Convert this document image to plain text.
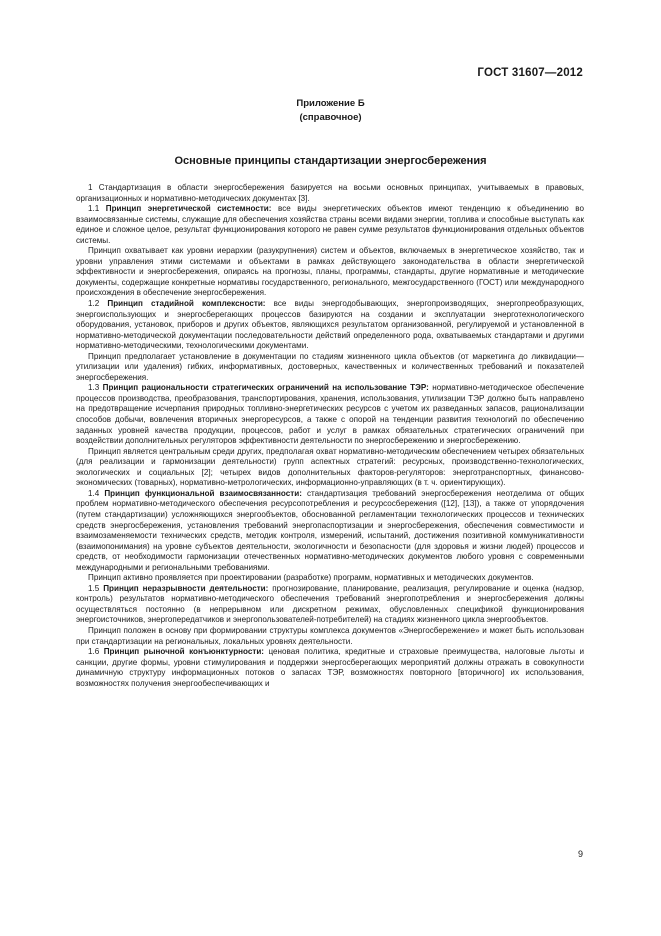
ГОСТ 31607—2012
Приложение Б
(справочное)
Основные принципы стандартизации энергосбережения

1 Стандартизация в области энергосбережения базируется на восьми основных принципах, учитываемых в правовых, организационных и нормативно-методических документах [3].

1.1 Принцип энергетической системности: все виды энергетических объектов имеют тенденцию к объединению во взаимосвязанные системы, служащие для обеспечения хозяйства страны всеми видами энергии, топлива и способные выступать как единое и сложное целое, результат функционирования которого не равен сумме результатов функционирования отдельных объектов системы.

Принцип охватывает как уровни иерархии (разукрупнения) систем и объектов, включаемых в энергетическое хозяйство, так и уровни управления этими системами и объектами в рамках действующего законодательства в области энергетической эффективности и энергосбережения, опираясь на прогнозы, планы, программы, стандарты, другие нормативные и методические документы, содержащие конкретные нормативы государственного, регионального, межгосударственного (ГОСТ) или международного происхождения в обеспечение энергосбережения.

1.2 Принцип стадийной комплексности: все виды энергодобывающих, энергопроизводящих, энергопреобразующих, энергоиспользующих и энергосберегающих процессов базируются на создании и эксплуатации энерготехнологического оборудования, установок, приборов и других объектов, являющихся результатом организованной, регулируемой и установленной в нормативно-методической документации последовательности действий определенного рода, охватываемых стандартами и другими нормативно-методическими, технологическими документами.

Принцип предполагает установление в документации по стадиям жизненного цикла объектов (от маркетинга до ликвидации—утилизации или удаления) гибких, информативных, достоверных, качественных и количественных требований и показателей энергосбережения.

1.3 Принцип рациональности стратегических ограничений на использование ТЭР: нормативно-методическое обеспечение процессов производства, преобразования, транспортирования, хранения, использования, утилизации ТЭР должно быть направлено на предотвращение исчерпания природных топливно-энергетических ресурсов с учетом их разведанных запасов, рационализации способов добычи, вовлечения вторичных энергоресурсов, а также с опорой на тенденции развития технологий по обеспечению заданных уровней качества продукции, процессов, работ и услуг в рамках обязательных стратегических ограничений при воздействии дополнительных регуляторов эффективности деятельности по энергосбережению и энергосбережению.

Принцип является центральным среди других, предполагая охват нормативно-методическим обеспечением четырех обязательных (для реализации и гармонизации деятельности) групп аспектных стратегий: ресурсных, производственно-технологических, экологических и социальных [2]; четырех видов дополнительных факторов-регуляторов: энерготранспортных, финансово-экономических (товарных), нормативно-метрологических, информационно-управляющих (в т. ч. ориентирующих).

1.4 Принцип функциональной взаимосвязанности: стандартизация требований энергосбережения неотделима от общих проблем нормативно-методического обеспечения ресурсопотребления и ресурсосбережения ([12], [13]), а также от упорядочения (путем стандартизации) усложняющихся энергообъектов, обоснованной регламентации технологических процессов и технических средств энергосбережения, установления требований энергопаспортизации и энергосбережения, обеспечения совместимости и взаимозаменяемости технических средств, методик контроля, измерений, испытаний, достижения позитивной коммуникативности (взаимопонимания) на уровне субъектов деятельности, экологичности и безопасности (для здоровья и жизни людей) процессов и средств, от необходимости гармонизации отечественных нормативно-методических документов любого уровня с современными международными и региональными требованиями.

Принцип активно проявляется при проектировании (разработке) программ, нормативных и методических документов.

1.5 Принцип неразрывности деятельности: прогнозирование, планирование, реализация, регулирование и оценка (надзор, контроль) результатов нормативно-методического обеспечения требований энергопотребления и энергосбережения должны осуществляться постоянно (в непрерывном или дискретном режимах, обусловленных спецификой функционирования энергоисточников, энергопередатчиков и энергопользователей-потребителей) на стадиях жизненного цикла энергообъектов.

Принцип положен в основу при формировании структуры комплекса документов «Энергосбережение» и может быть использован при стандартизации на региональных, локальных уровнях деятельности.

1.6 Принцип рыночной конъюнктурности: ценовая политика, кредитные и страховые преимущества, налоговые льготы и санкции, другие формы, уровни стимулирования и поддержки энергосберегающих мероприятий должны отражать в совокупности динамичную структуру информационных потоков о запасах ТЭР, возможностях повторного [вторичного] их использования, возможностях получения энергообеспечивающих и

9
